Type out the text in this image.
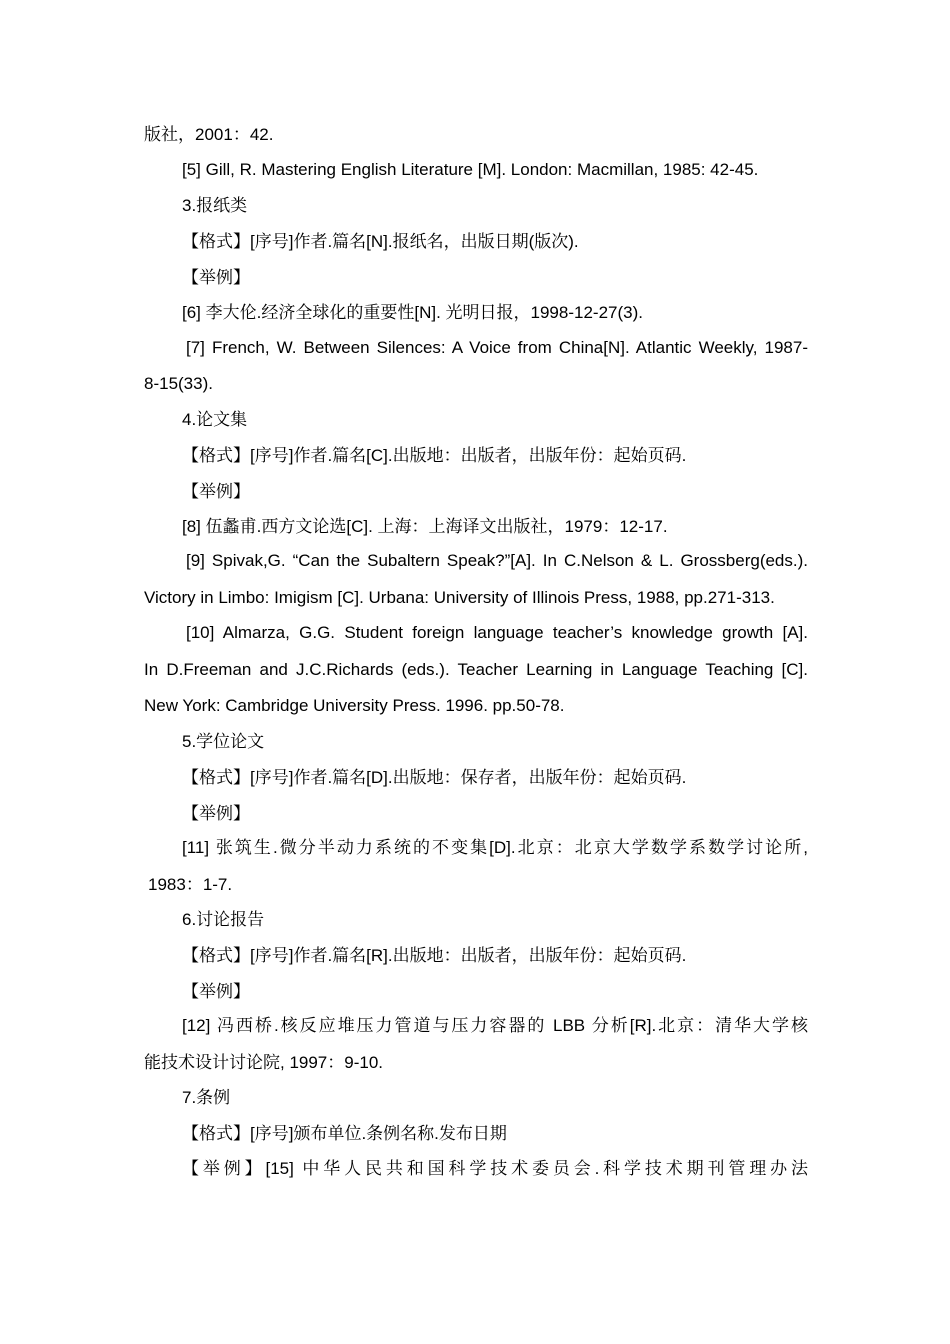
版社，2001：42.
[5] Gill, R. Mastering English Literature [M]. London: Macmillan, 1985: 42-45.
3.报纸类
【格式】[序号]作者.篇名[N].报纸名，出版日期(版次).
【举例】
[6] 李大伦.经济全球化的重要性[N]. 光明日报，1998-12-27(3).
[7] French, W. Between Silences: A Voice from China[N]. Atlantic Weekly, 1987-
8-15(33).
4.论文集
【格式】[序号]作者.篇名[C].出版地：出版者，出版年份：起始页码.
【举例】
[8] 伍蠡甫.西方文论选[C]. 上海：上海译文出版社，1979：12-17.
[9] Spivak,G. “Can the Subaltern Speak?”[A]. In C.Nelson & L. Grossberg(eds.).
Victory in Limbo: Imigism [C]. Urbana: University of Illinois Press, 1988, pp.271-313.
[10] Almarza, G.G. Student foreign language teacher’s knowledge growth [A].
In D.Freeman and J.C.Richards (eds.). Teacher Learning in Language Teaching [C].
New York: Cambridge University Press. 1996. pp.50-78.
5.学位论文
【格式】[序号]作者.篇名[D].出版地：保存者，出版年份：起始页码.
【举例】
[11] 张筑生.微分半动力系统的不变集[D].北京：北京大学数学系数学讨论所,
1983：1-7.
6.讨论报告
【格式】[序号]作者.篇名[R].出版地：出版者，出版年份：起始页码.
【举例】
[12] 冯西桥.核反应堆压力管道与压力容器的 LBB 分析[R].北京：清华大学核
能技术设计讨论院, 1997：9-10.
7.条例
【格式】[序号]颁布单位.条例名称.发布日期
【举例】[15] 中华人民共和国科学技术委员会.科学技术期刊管理办法
